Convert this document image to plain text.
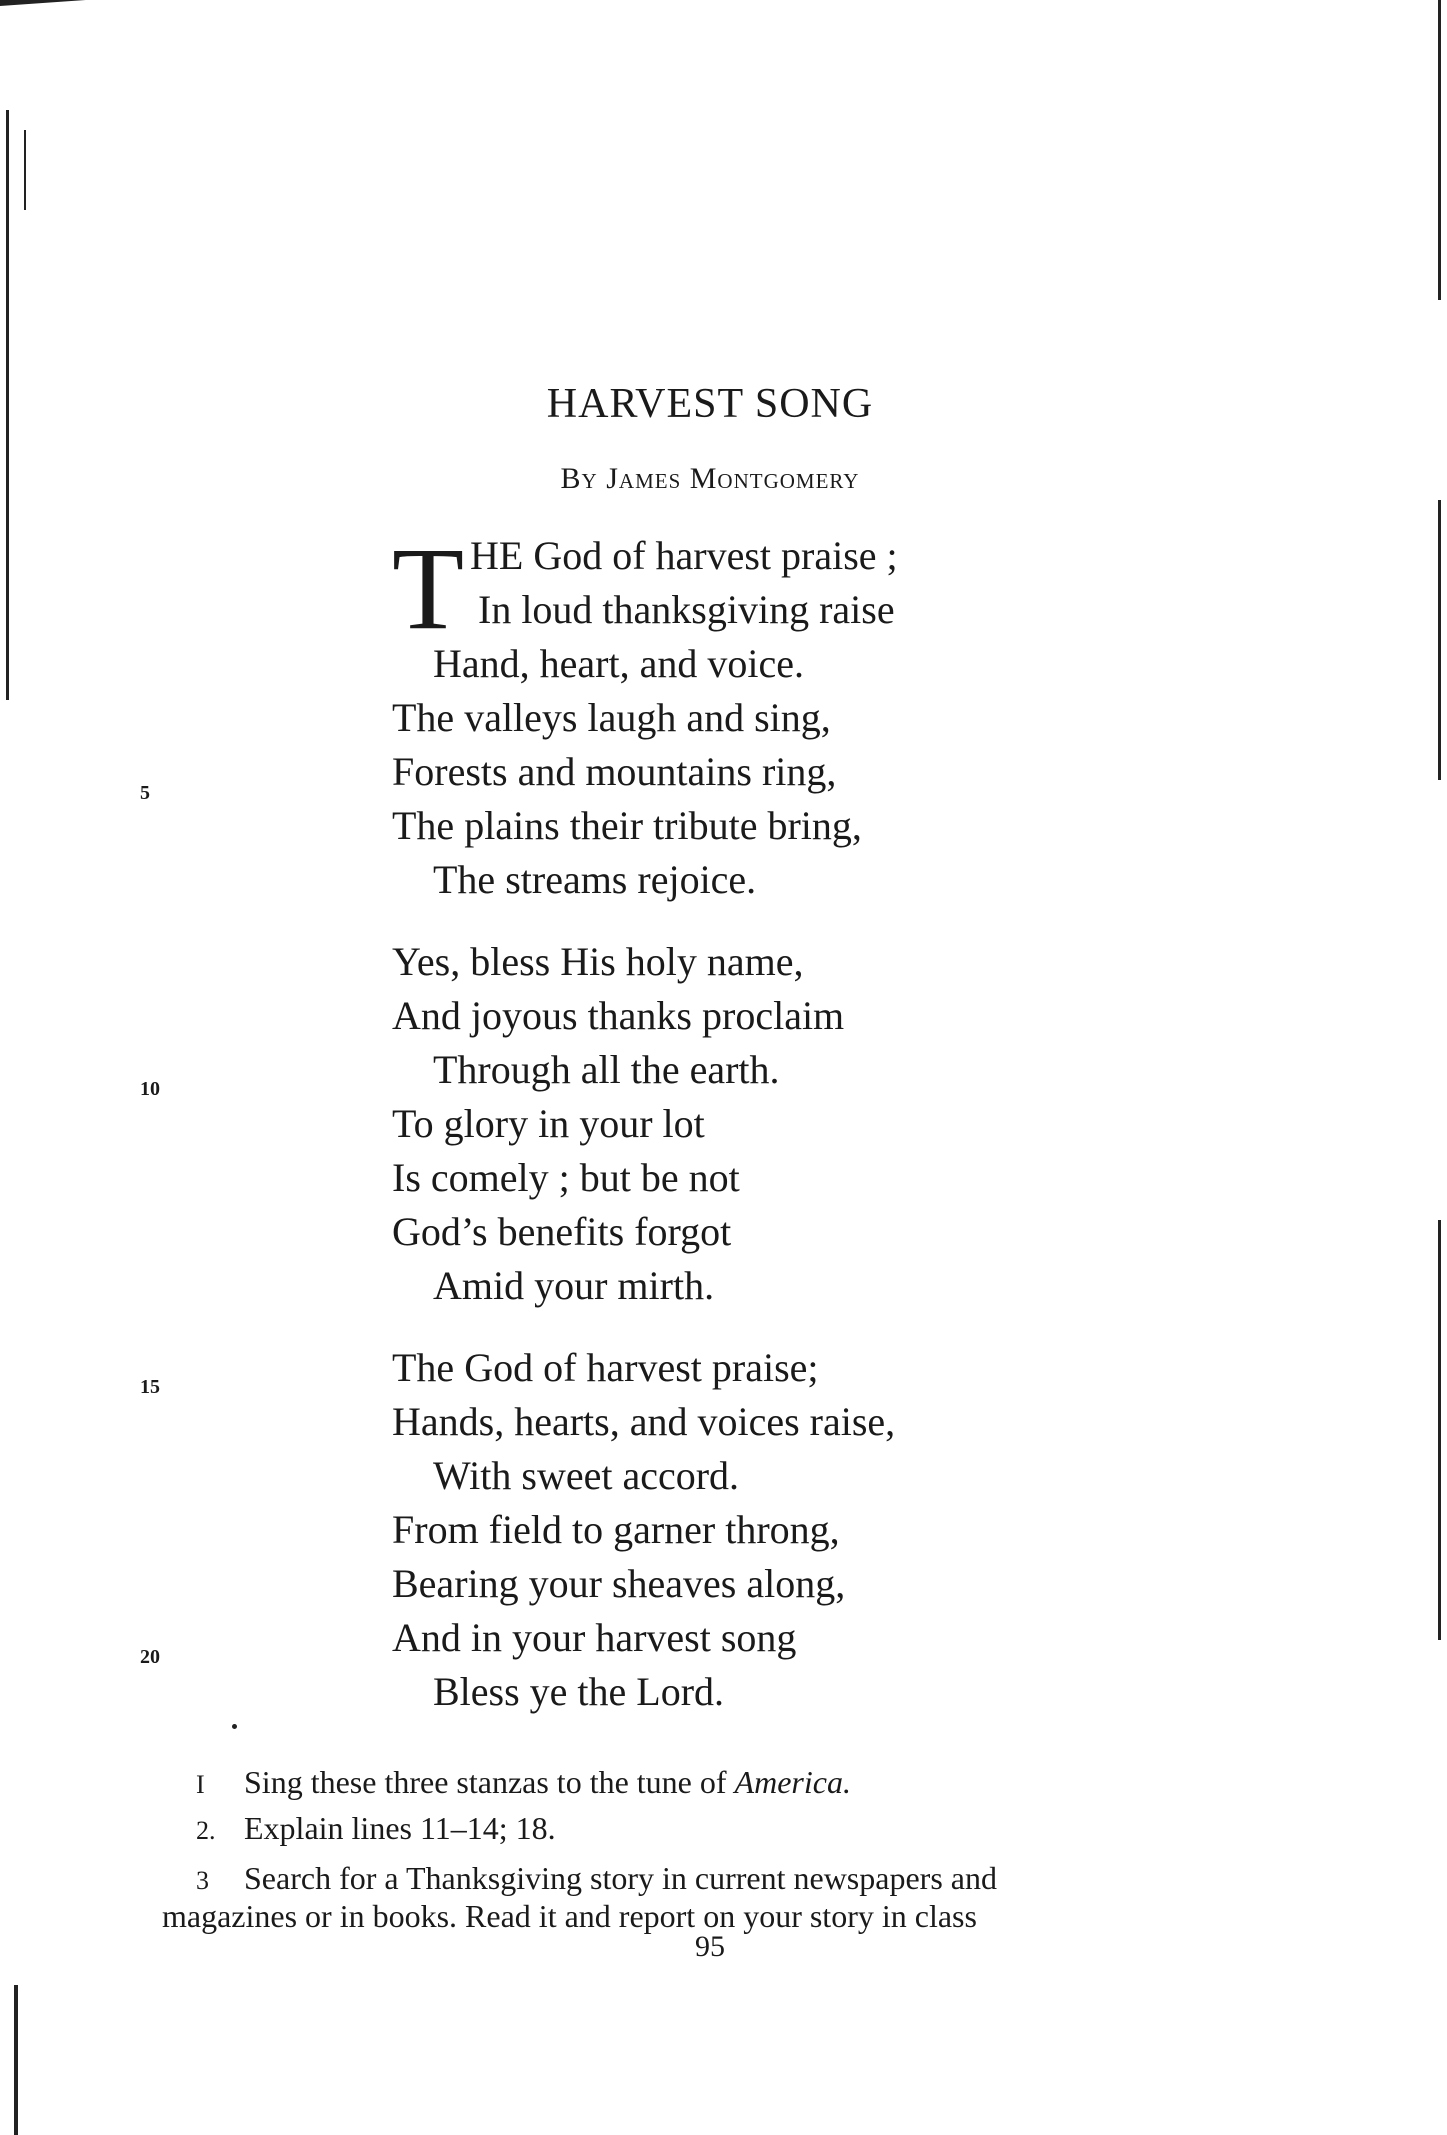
HARVEST SONG
By James Montgomery
T HE God of harvest praise ;
In loud thanksgiving raise
Hand, heart, and voice.
The valleys laugh and sing,
Forests and mountains ring,
The plains their tribute bring,
The streams rejoice.
Yes, bless His holy name,
And joyous thanks proclaim
Through all the earth.
To glory in your lot
Is comely ; but be not
God’s benefits forgot
Amid your mirth.
The God of harvest praise;
Hands, hearts, and voices raise,
With sweet accord.
From field to garner throng,
Bearing your sheaves along,
And in your harvest song
Bless ye the Lord.
5
10
15
20
I Sing these three stanzas to the tune of America.
2. Explain lines 11–14; 18.
3 Search for a Thanksgiving story in current newspapers and
magazines or in books. Read it and report on your story in class
95
